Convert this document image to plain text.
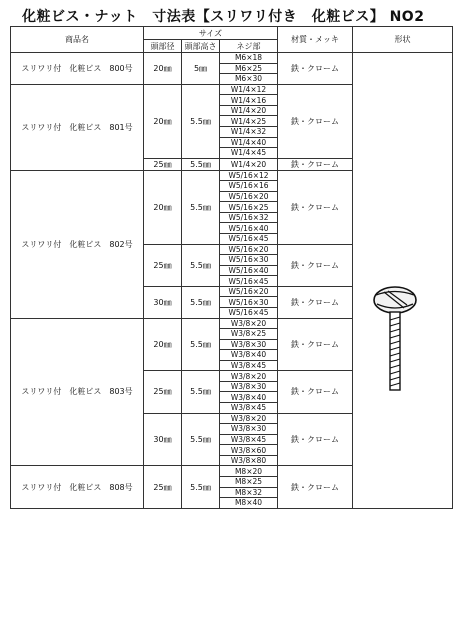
化粧ビス・ナット　寸法表【スリワリ付き　化粧ビス】 NO2
商品名	サイズ			材質・メッキ	形状
	頭部径	頭部高さ	ネジ部		
スリワリ付　化粧ビス　800号	20㎜	5㎜	M6×18	鉄・クローム	
			M6×25		
			M6×30		
スリワリ付　化粧ビス　801号	20㎜	5.5㎜	W1/4×12	鉄・クローム	
			W1/4×16		
			W1/4×20		
			W1/4×25		
			W1/4×32		
			W1/4×40		
			W1/4×45		
	25㎜	5.5㎜	W1/4×20	鉄・クローム	
スリワリ付　化粧ビス　802号	20㎜	5.5㎜	W5/16×12	鉄・クローム	
			W5/16×16		
			W5/16×20		
			W5/16×25		
			W5/16×32		
			W5/16×40		
			W5/16×45		
	25㎜	5.5㎜	W5/16×20	鉄・クローム	
			W5/16×30		
			W5/16×40		
			W5/16×45		
	30㎜	5.5㎜	W5/16×20	鉄・クローム	
			W5/16×30		
			W5/16×45		
スリワリ付　化粧ビス　803号	20㎜	5.5㎜	W3/8×20	鉄・クローム	
			W3/8×25		
			W3/8×30		
			W3/8×40		
			W3/8×45		
	25㎜	5.5㎜	W3/8×20	鉄・クローム	
			W3/8×30		
			W3/8×40		
			W3/8×45		
	30㎜	5.5㎜	W3/8×20	鉄・クローム	
			W3/8×30		
			W3/8×45		
			W3/8×60		
			W3/8×80		
スリワリ付　化粧ビス　808号	25㎜	5.5㎜	M8×20	鉄・クローム	
			M8×25		
			M8×32		
			M8×40		
